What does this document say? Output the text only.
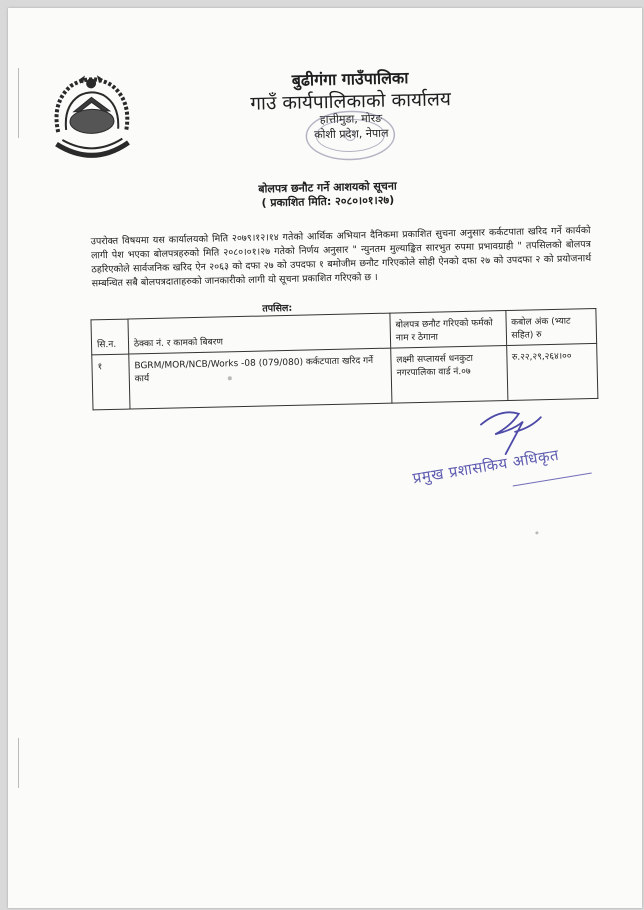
बुढीगंगा गाउँपालिका
गाउँ कार्यपालिकाको कार्यालय
हात्तीमुडा, मोरङ
कोशी प्रदेश, नेपाल
बोलपत्र छनौट गर्ने आशयको सूचना
( प्रकाशित मिति: २०८०।०१।२७)
उपरोक्त विषयमा यस कार्यालयको मिति २०७९।१२।१४ गतेको आर्थिक अभियान दैनिकमा प्रकाशित सुचना अनुसार कर्कटपाता खरिद गर्ने कार्यको लागी पेश भएका बोलपत्रहरुको मिति २०८०।०१।२७ गतेको निर्णय अनुसार " न्युनतम मुल्याङ्कित सारभुत रुपमा प्रभावग्राही " तपसिलको बोलपत्र ठहरिएकोले सार्वजनिक खरिद ऐन २०६३ को दफा २७ को उपदफा १ बमोजीम छनौट गरिएकोले सोही ऐनको दफा २७ को उपदफा २ को प्रयोजनार्थ सम्बन्धित सबै बोलपत्रदाताहरुको जानकारीको लागी यो सूचना प्रकाशित गरिएको छ ।
तपसिल:
सि.न.	ठेक्का नं. र कामको बिबरण	बोलपत्र छनौट गरिएको फर्मको नाम र ठेगाना	कबोल अंक (भ्याट सहित) रु
१	BGRM/MOR/NCB/Works -08 (079/080) कर्कटपाता खरिद गर्ने कार्य	लक्ष्मी सप्लायर्स धनकुटा नगरपालिका वार्ड नं.०७	रु.२२,२९,२६४।००
प्रमुख प्रशासकिय अधिकृत
